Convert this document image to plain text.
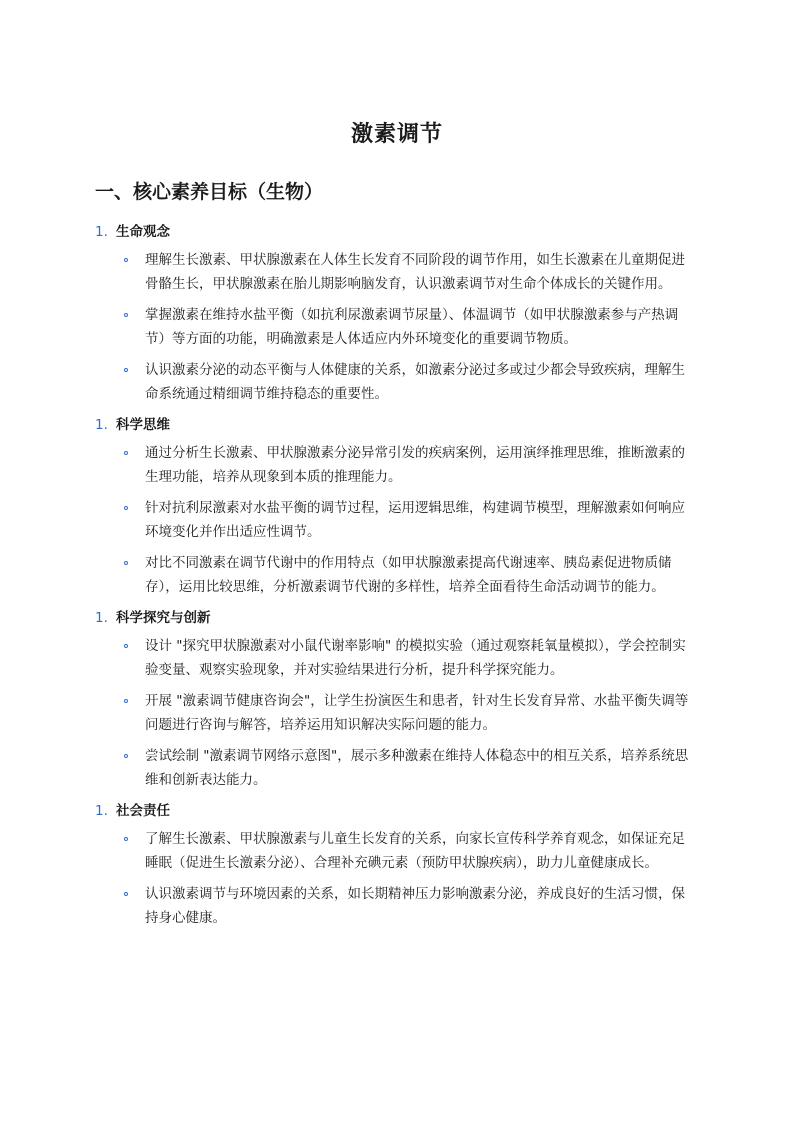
激素调节
一、核心素养目标（生物）
1. 生命观念
理解生长激素、甲状腺激素在人体生长发育不同阶段的调节作用，如生长激素在儿童期促进骨骼生长，甲状腺激素在胎儿期影响脑发育，认识激素调节对生命个体成长的关键作用。
掌握激素在维持水盐平衡（如抗利尿激素调节尿量）、体温调节（如甲状腺激素参与产热调节）等方面的功能，明确激素是人体适应内外环境变化的重要调节物质。
认识激素分泌的动态平衡与人体健康的关系，如激素分泌过多或过少都会导致疾病，理解生命系统通过精细调节维持稳态的重要性。
1. 科学思维
通过分析生长激素、甲状腺激素分泌异常引发的疾病案例，运用演绎推理思维，推断激素的生理功能，培养从现象到本质的推理能力。
针对抗利尿激素对水盐平衡的调节过程，运用逻辑思维，构建调节模型，理解激素如何响应环境变化并作出适应性调节。
对比不同激素在调节代谢中的作用特点（如甲状腺激素提高代谢速率、胰岛素促进物质储存），运用比较思维，分析激素调节代谢的多样性，培养全面看待生命活动调节的能力。
1. 科学探究与创新
设计 "探究甲状腺激素对小鼠代谢率影响" 的模拟实验（通过观察耗氧量模拟），学会控制实验变量、观察实验现象，并对实验结果进行分析，提升科学探究能力。
开展 "激素调节健康咨询会"，让学生扮演医生和患者，针对生长发育异常、水盐平衡失调等问题进行咨询与解答，培养运用知识解决实际问题的能力。
尝试绘制 "激素调节网络示意图"，展示多种激素在维持人体稳态中的相互关系，培养系统思维和创新表达能力。
1. 社会责任
了解生长激素、甲状腺激素与儿童生长发育的关系，向家长宣传科学养育观念，如保证充足睡眠（促进生长激素分泌）、合理补充碘元素（预防甲状腺疾病），助力儿童健康成长。
认识激素调节与环境因素的关系，如长期精神压力影响激素分泌，养成良好的生活习惯，保持身心健康。
